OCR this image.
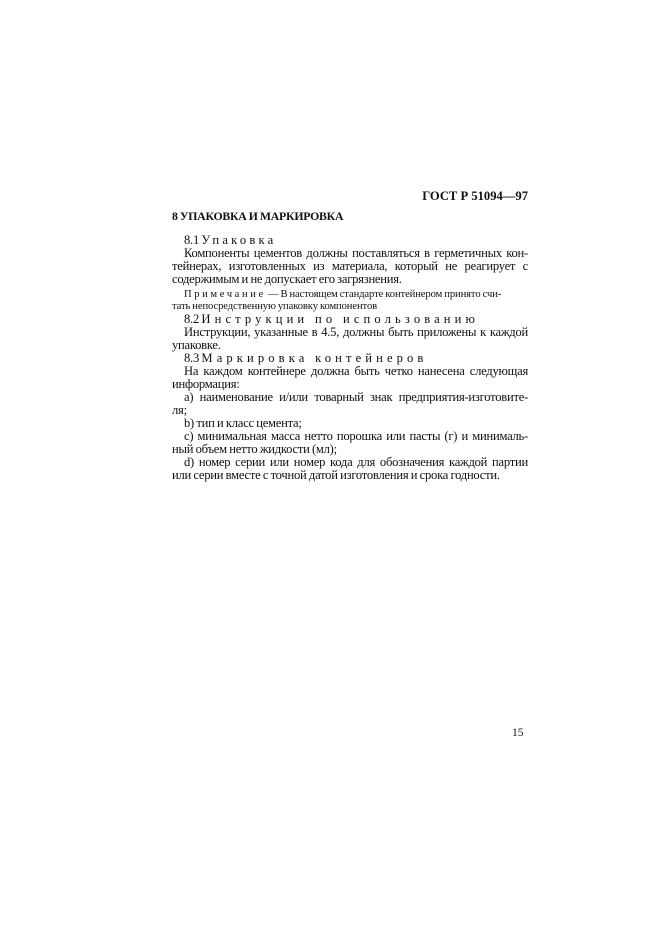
ГОСТ Р 51094—97
8 УПАКОВКА И МАРКИРОВКА
8.1 Упаковка
Компоненты цементов должны поставляться в герметичных кон-
тейнерах, изготовленных из материала, который не реагирует с
содержимым и не допускает его загрязнения.
Примечание — В настоящем стандарте контейнером принято счи-
тать непосредственную упаковку компонентов
8.2 Инструкции по использованию
Инструкции, указанные в 4.5, должны быть приложены к каждой
упаковке.
8.3 Маркировка контейнеров
На каждом контейнере должна быть четко нанесена следующая
информация:
a) наименование и/или товарный знак предприятия-изготовите-
ля;
b) тип и класс цемента;
c) минимальная масса нетто порошка или пасты (г) и минималь-
ный объем нетто жидкости (мл);
d) номер серии или номер кода для обозначения каждой партии
или серии вместе с точной датой изготовления и срока годности.
15
